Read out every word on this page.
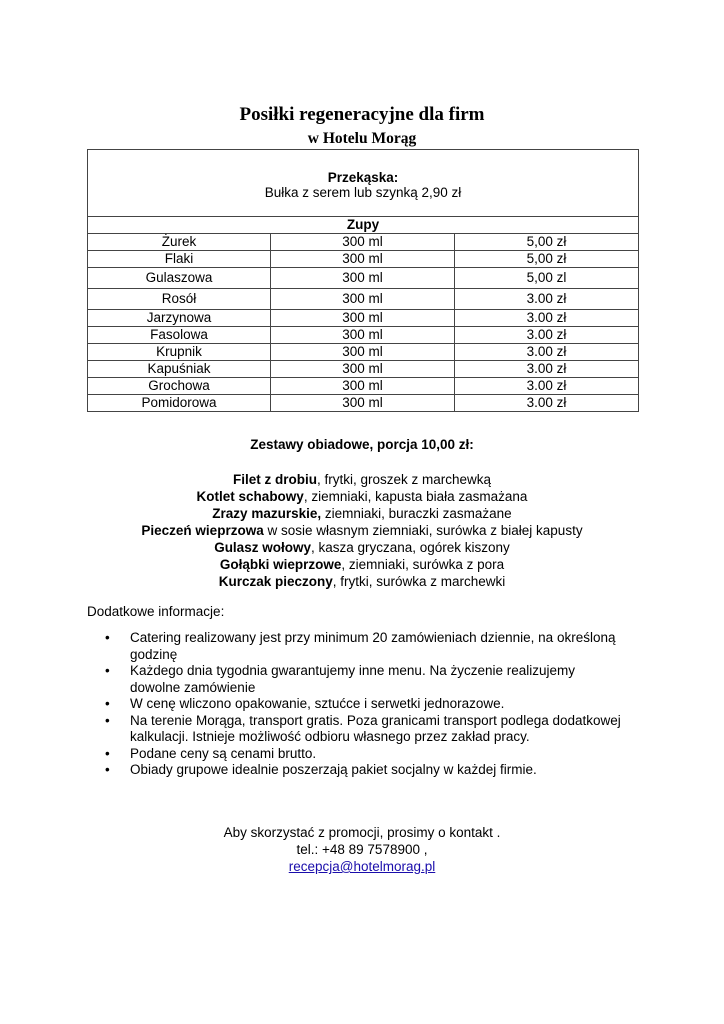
Posiłki regeneracyjne dla firm
w Hotelu Morąg
Przekąska:
Bułka z serem lub szynką 2,90 zł		

Zupy		
Żurek	300 ml	5,00 zł
Flaki	300 ml	5,00 zł
Gulaszowa	300 ml	5,00 zl
Rosół	300 ml	3.00 zł
Jarzynowa	300 ml	3.00 zł
Fasolowa	300 ml	3.00 zł
Krupnik	300 ml	3.00 zł
Kapuśniak	300 ml	3.00 zł
Grochowa	300 ml	3.00 zł
Pomidorowa	300 ml	3.00 zł
Zestawy obiadowe, porcja 10,00 zł:
Filet z drobiu, frytki, groszek z marchewką
Kotlet schabowy, ziemniaki, kapusta biała zasmażana
Zrazy mazurskie, ziemniaki, buraczki zasmażane
Pieczeń wieprzowa w sosie własnym ziemniaki, surówka z białej kapusty
Gulasz wołowy, kasza gryczana, ogórek kiszony
Gołąbki wieprzowe, ziemniaki, surówka z pora
Kurczak pieczony, frytki, surówka z marchewki
Dodatkowe informacje:
• Catering realizowany jest przy minimum 20 zamówieniach dziennie, na określoną godzinę
• Każdego dnia tygodnia gwarantujemy inne menu. Na życzenie realizujemy dowolne zamówienie
• W cenę wliczono opakowanie, sztućce i serwetki jednorazowe.
• Na terenie Morąga, transport gratis. Poza granicami transport podlega dodatkowej kalkulacji. Istnieje możliwość odbioru własnego przez zakład pracy.
• Podane ceny są cenami brutto.
• Obiady grupowe idealnie poszerzają pakiet socjalny w każdej firmie.
Aby skorzystać z promocji, prosimy o kontakt .
tel.: +48 89 7578900 ,
recepcja@hotelmorag.pl
